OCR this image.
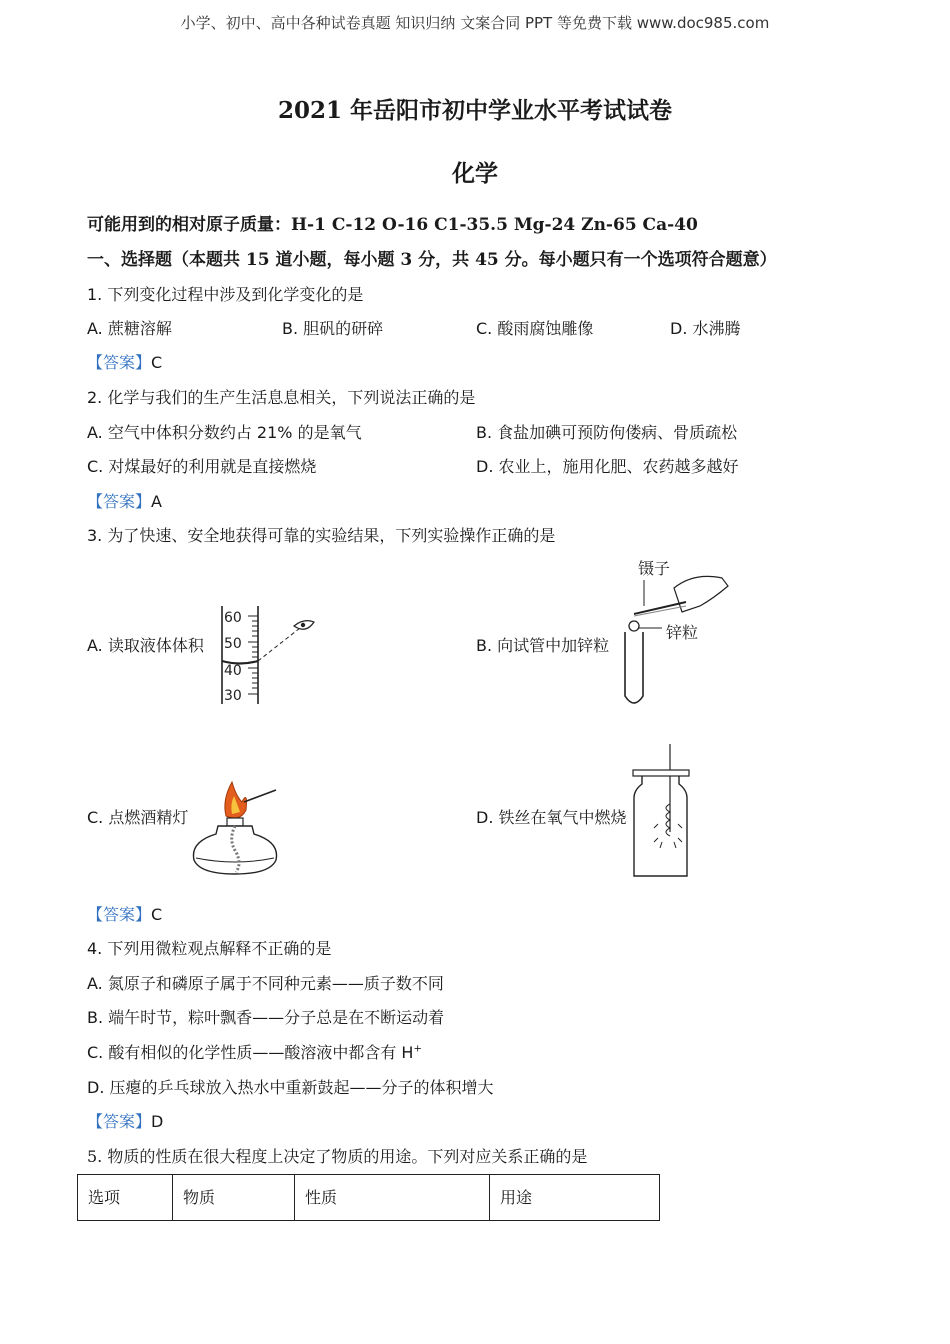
小学、初中、高中各种试卷真题 知识归纳 文案合同 PPT 等免费下载 www.doc985.com
2021 年岳阳市初中学业水平考试试卷
化学
可能用到的相对原子质量：H-1 C-12 O-16 C1-35.5 Mg-24 Zn-65 Ca-40
一、选择题（本题共 15 道小题，每小题 3 分，共 45 分。每小题只有一个选项符合题意）
1. 下列变化过程中涉及到化学变化的是
A. 蔗糖溶解	B. 胆矾的研碎	C. 酸雨腐蚀雕像	D. 水沸腾
【答案】C
2. 化学与我们的生产生活息息相关，下列说法正确的是
A. 空气中体积分数约占 21% 的是氧气	B. 食盐加碘可预防佝偻病、骨质疏松
C. 对煤最好的利用就是直接燃烧	D. 农业上，施用化肥、农药越多越好
【答案】A
3. 为了快速、安全地获得可靠的实验结果，下列实验操作正确的是
A. 读取液体体积
60
50
40
30
B. 向试管中加锌粒
镊子
锌粒
C. 点燃酒精灯	D. 铁丝在氧气中燃烧
【答案】C
4. 下列用微粒观点解释不正确的是
A. 氮原子和磷原子属于不同种元素——质子数不同
B. 端午时节，粽叶飘香——分子总是在不断运动着
C. 酸有相似的化学性质——酸溶液中都含有 H+
D. 压瘪的乒乓球放入热水中重新鼓起——分子的体积增大
【答案】D
5. 物质的性质在很大程度上决定了物质的用途。下列对应关系正确的是
选项	物质	性质	用途
